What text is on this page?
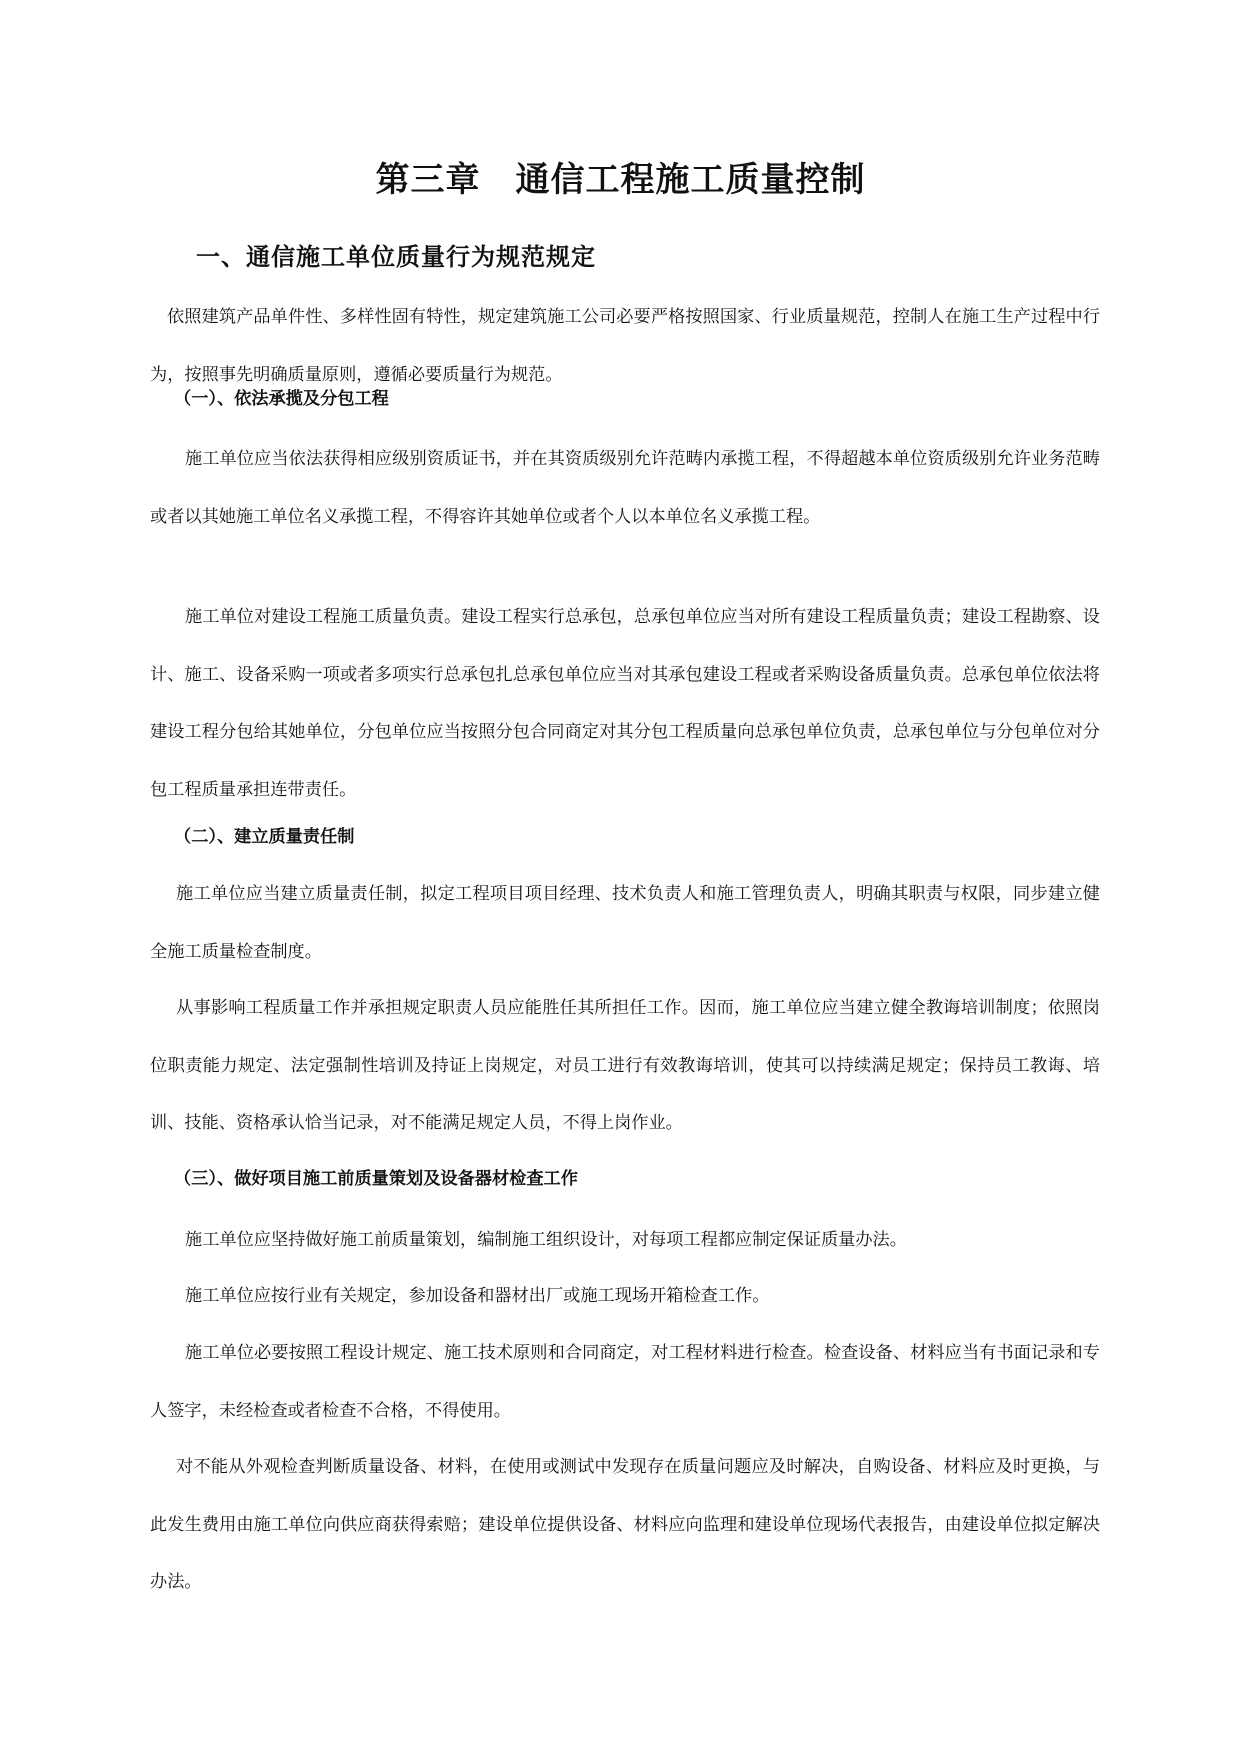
第三章　通信工程施工质量控制
一、通信施工单位质量行为规范规定

依照建筑产品单件性、多样性固有特性，规定建筑施工公司必要严格按照国家、行业质量规范，控制人在施工生产过程中行为，按照事先明确质量原则，遵循必要质量行为规范。

（一）、依法承揽及分包工程

施工单位应当依法获得相应级别资质证书，并在其资质级别允许范畴内承揽工程，不得超越本单位资质级别允许业务范畴或者以其她施工单位名义承揽工程，不得容许其她单位或者个人以本单位名义承揽工程。

施工单位对建设工程施工质量负责。建设工程实行总承包，总承包单位应当对所有建设工程质量负责；建设工程勘察、设计、施工、设备采购一项或者多项实行总承包扎总承包单位应当对其承包建设工程或者采购设备质量负责。总承包单位依法将建设工程分包给其她单位，分包单位应当按照分包合同商定对其分包工程质量向总承包单位负责，总承包单位与分包单位对分包工程质量承担连带责任。

（二）、建立质量责任制

施工单位应当建立质量责任制，拟定工程项目项目经理、技术负责人和施工管理负责人，明确其职责与权限，同步建立健全施工质量检查制度。

从事影响工程质量工作并承担规定职责人员应能胜任其所担任工作。因而，施工单位应当建立健全教诲培训制度；依照岗位职责能力规定、法定强制性培训及持证上岗规定，对员工进行有效教诲培训，使其可以持续满足规定；保持员工教诲、培训、技能、资格承认恰当记录，对不能满足规定人员，不得上岗作业。

（三）、做好项目施工前质量策划及设备器材检查工作

施工单位应坚持做好施工前质量策划，编制施工组织设计，对每项工程都应制定保证质量办法。

施工单位应按行业有关规定，参加设备和器材出厂或施工现场开箱检查工作。

施工单位必要按照工程设计规定、施工技术原则和合同商定，对工程材料进行检查。检查设备、材料应当有书面记录和专人签字，未经检查或者检查不合格，不得使用。

对不能从外观检查判断质量设备、材料，在使用或测试中发现存在质量问题应及时解决，自购设备、材料应及时更换，与此发生费用由施工单位向供应商获得索赔；建设单位提供设备、材料应向监理和建设单位现场代表报告，由建设单位拟定解决办法。
